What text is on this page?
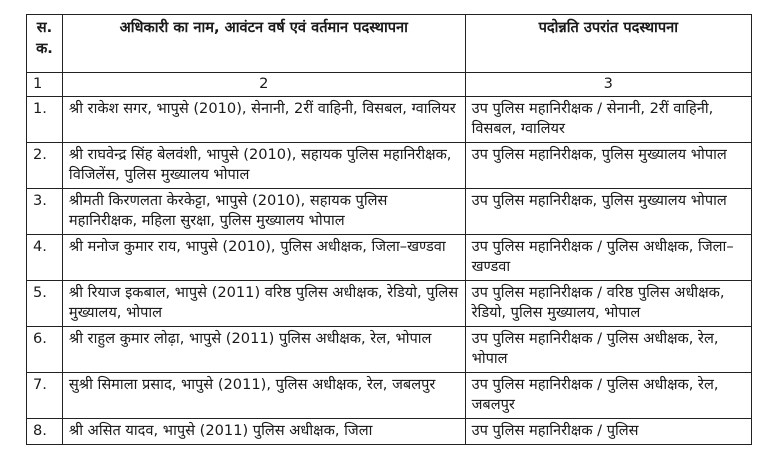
स. क.	अधिकारी का नाम, आवंटन वर्ष एवं वर्तमान पदस्थापना	पदोन्नति उपरांत पदस्थापना
1	2	3
1.	श्री राकेश सगर, भापुसे (2010), सेनानी, 2रीं वाहिनी, विसबल, ग्वालियर	उप पुलिस महानिरीक्षक / सेनानी, 2रीं वाहिनी, विसबल, ग्वालियर
2.	श्री राघवेन्द्र सिंह बेलवंशी, भापुसे (2010), सहायक पुलिस महानिरीक्षक, विजिलेंस, पुलिस मुख्यालय भोपाल	उप पुलिस महानिरीक्षक, पुलिस मुख्यालय भोपाल
3.	श्रीमती किरणलता केरकेट्टा, भापुसे (2010), सहायक पुलिस महानिरीक्षक, महिला सुरक्षा, पुलिस मुख्यालय भोपाल	उप पुलिस महानिरीक्षक, पुलिस मुख्यालय भोपाल
4.	श्री मनोज कुमार राय, भापुसे (2010), पुलिस अधीक्षक, जिला–खण्डवा	उप पुलिस महानिरीक्षक / पुलिस अधीक्षक, जिला–खण्डवा
5.	श्री रियाज इकबाल, भापुसे (2011) वरिष्ठ पुलिस अधीक्षक, रेडियो, पुलिस मुख्यालय, भोपाल	उप पुलिस महानिरीक्षक / वरिष्ठ पुलिस अधीक्षक, रेडियो, पुलिस मुख्यालय, भोपाल
6.	श्री राहुल कुमार लोढ़ा, भापुसे (2011) पुलिस अधीक्षक, रेल, भोपाल	उप पुलिस महानिरीक्षक / पुलिस अधीक्षक, रेल, भोपाल
7.	सुश्री सिमाला प्रसाद, भापुसे (2011), पुलिस अधीक्षक, रेल, जबलपुर	उप पुलिस महानिरीक्षक / पुलिस अधीक्षक, रेल, जबलपुर
8.	श्री असित यादव, भापुसे (2011) पुलिस अधीक्षक, जिला	उप पुलिस महानिरीक्षक / पुलिस
